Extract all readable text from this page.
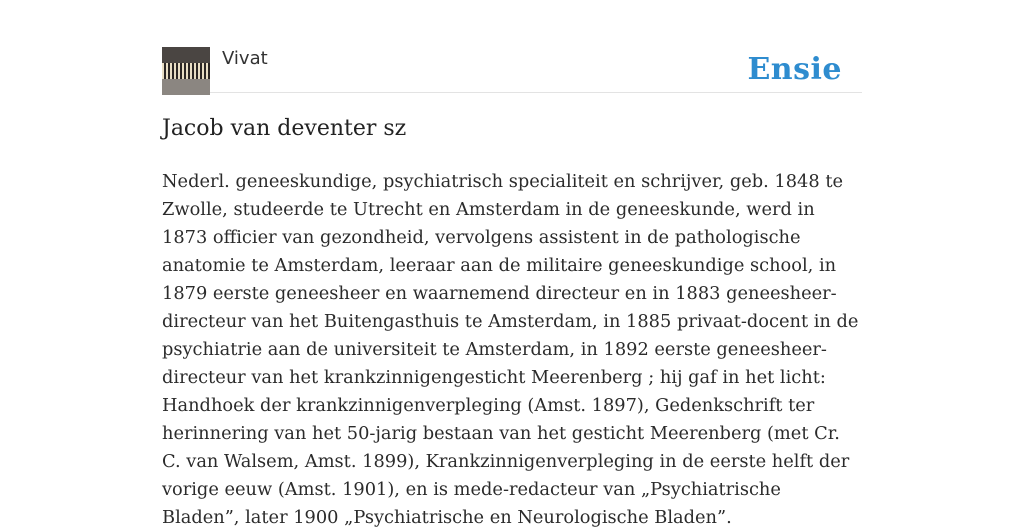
Vivat	Ensie
Jacob van deventer sz

Nederl. geneeskundige, psychiatrisch specialiteit en schrijver, geb. 1848 te Zwolle, studeerde te Utrecht en Amsterdam in de geneeskunde, werd in 1873 officier van gezondheid, vervolgens assistent in de pathologische anatomie te Amsterdam, leeraar aan de militaire geneeskundige school, in 1879 eerste geneesheer en waarnemend directeur en in 1883 geneesheer-directeur van het Buitengasthuis te Amsterdam, in 1885 privaat-docent in de psychiatrie aan de universiteit te Amsterdam, in 1892 eerste geneesheer-directeur van het krankzinnigengesticht Meerenberg ; hij gaf in het licht: Handhoek der krankzinnigenverpleging (Amst. 1897), Gedenkschrift ter herinnering van het 50-jarig bestaan van het gesticht Meerenberg (met Cr. C. van Walsem, Amst. 1899), Krankzinnigenverpleging in de eerste helft der vorige eeuw (Amst. 1901), en is mede-redacteur van „Psychiatrische Bladen”, later 1900 „Psychiatrische en Neurologische Bladen”.
